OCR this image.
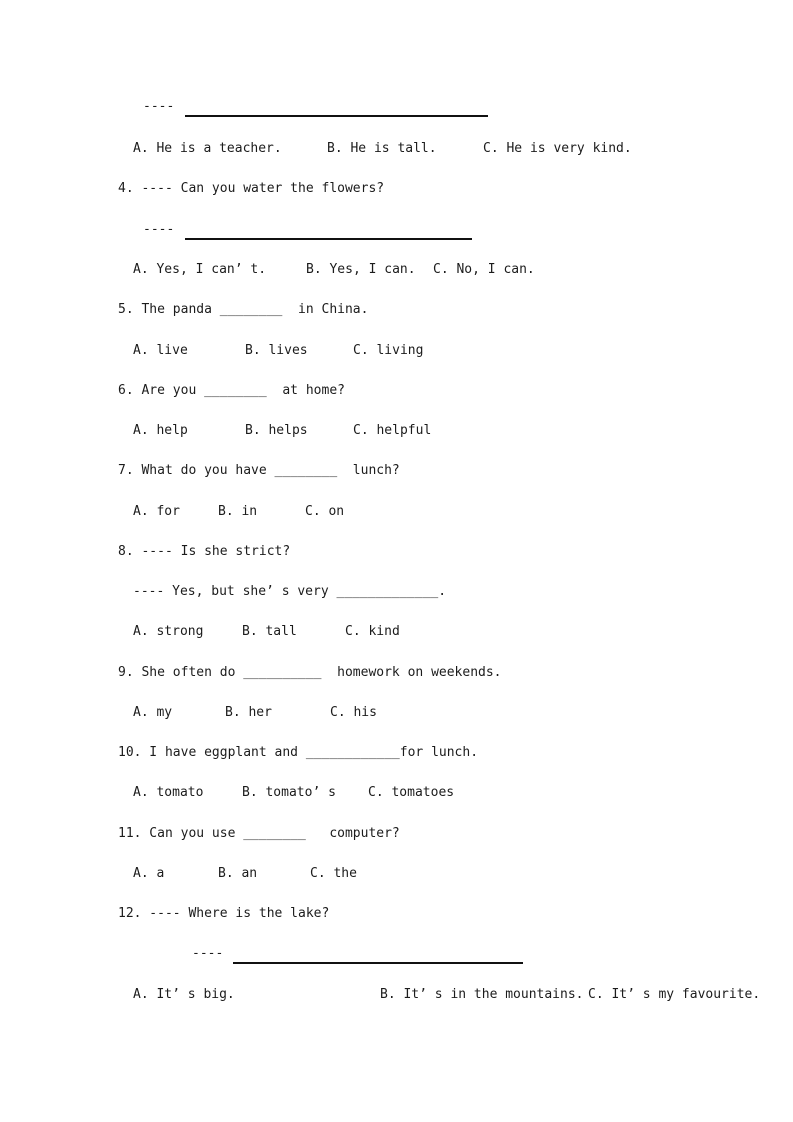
----

A. He is a teacher.

	B. He is tall.

	C. He is very kind.

4. ---- Can you water the flowers?

----

A. Yes, I can’ t.

	B. Yes, I can.

C. No, I can.

5. The panda ________  in China.

A. live

	B. lives

	C. living

6. Are you ________  at home?

A. help

	B. helps

	C. helpful

7. What do you have ________  lunch?

A. for

	B. in

	C. on

8. ---- Is she strict?

---- Yes, but she’ s very _____________.

A. strong

	B. tall

	C. kind

9. She often do __________  homework on weekends.

A. my

	B. her

	C. his

10. I have eggplant and ____________for lunch.

A. tomato

	B. tomato’ s

C. tomatoes

11. Can you use ________   computer?

A. a

	B. an

	C. the

12. ---- Where is the lake?

----

A. It’ s big.

	B. It’ s in the mountains.

C. It’ s my favourite.
